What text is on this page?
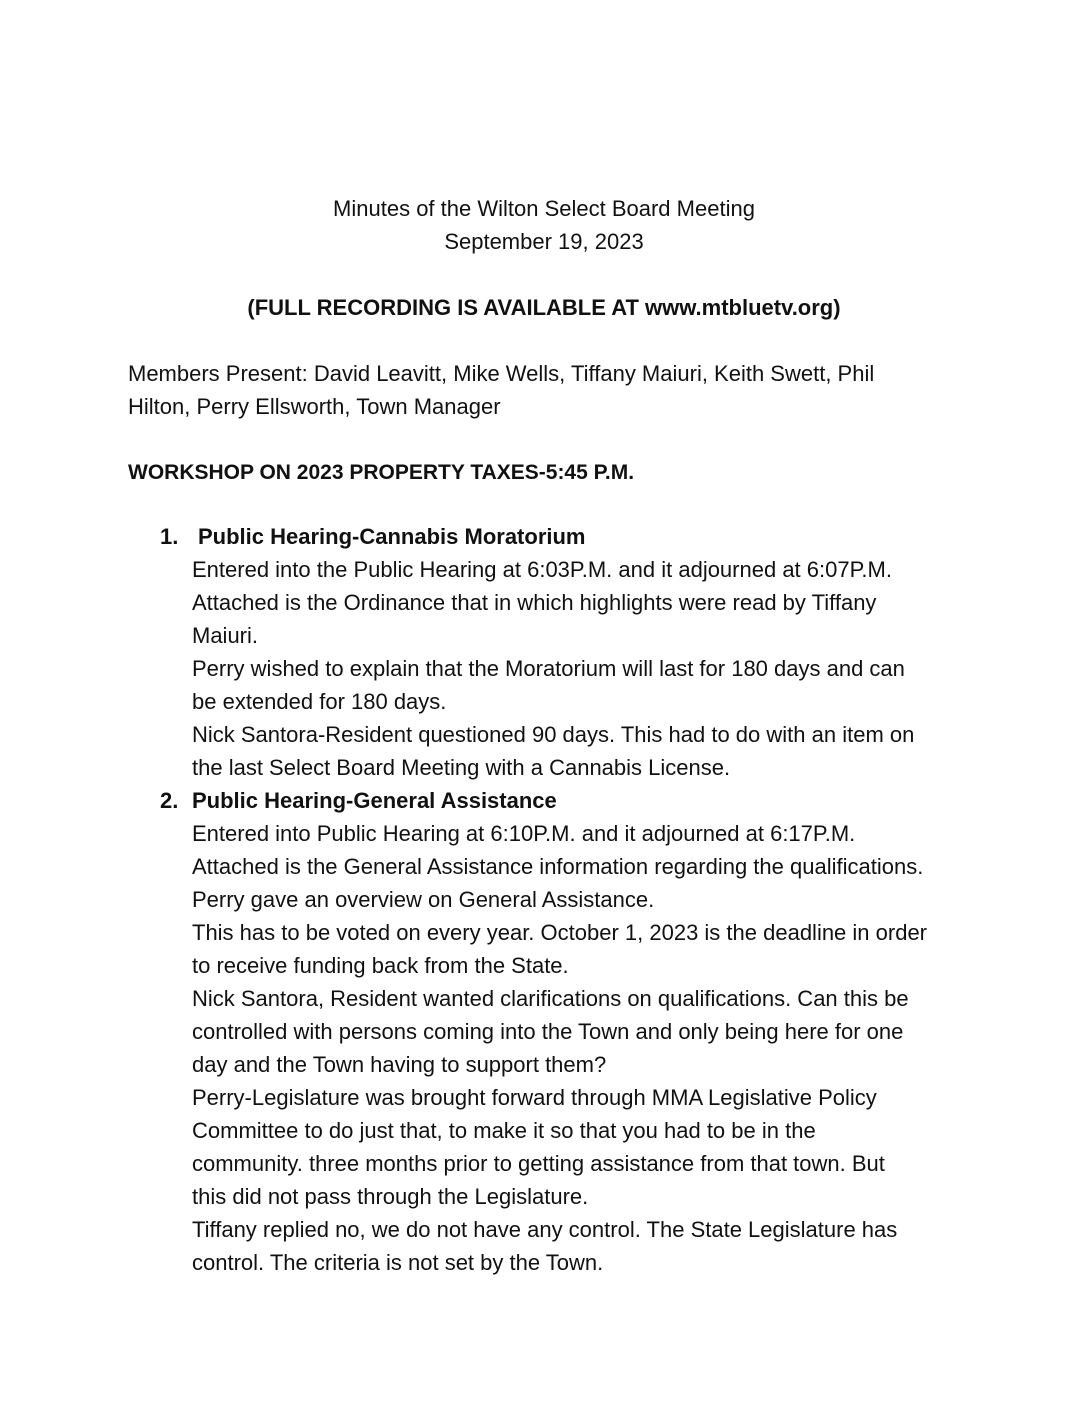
Minutes of the Wilton Select Board Meeting
September 19, 2023
(FULL RECORDING IS AVAILABLE AT www.mtbluetv.org)
Members Present: David Leavitt, Mike Wells, Tiffany Maiuri, Keith Swett, Phil
Hilton, Perry Ellsworth, Town Manager
WORKSHOP ON 2023 PROPERTY TAXES-5:45 P.M.
1. Public Hearing-Cannabis Moratorium
Entered into the Public Hearing at 6:03P.M. and it adjourned at 6:07P.M.
Attached is the Ordinance that in which highlights were read by Tiffany
Maiuri.
Perry wished to explain that the Moratorium will last for 180 days and can
be extended for 180 days.
Nick Santora-Resident questioned 90 days. This had to do with an item on
the last Select Board Meeting with a Cannabis License.
2. Public Hearing-General Assistance
Entered into Public Hearing at 6:10P.M. and it adjourned at 6:17P.M.
Attached is the General Assistance information regarding the qualifications.
Perry gave an overview on General Assistance.
This has to be voted on every year. October 1, 2023 is the deadline in order
to receive funding back from the State.
Nick Santora, Resident wanted clarifications on qualifications. Can this be
controlled with persons coming into the Town and only being here for one
day and the Town having to support them?
Perry-Legislature was brought forward through MMA Legislative Policy
Committee to do just that, to make it so that you had to be in the
community. three months prior to getting assistance from that town. But
this did not pass through the Legislature.
Tiffany replied no, we do not have any control. The State Legislature has
control. The criteria is not set by the Town.
